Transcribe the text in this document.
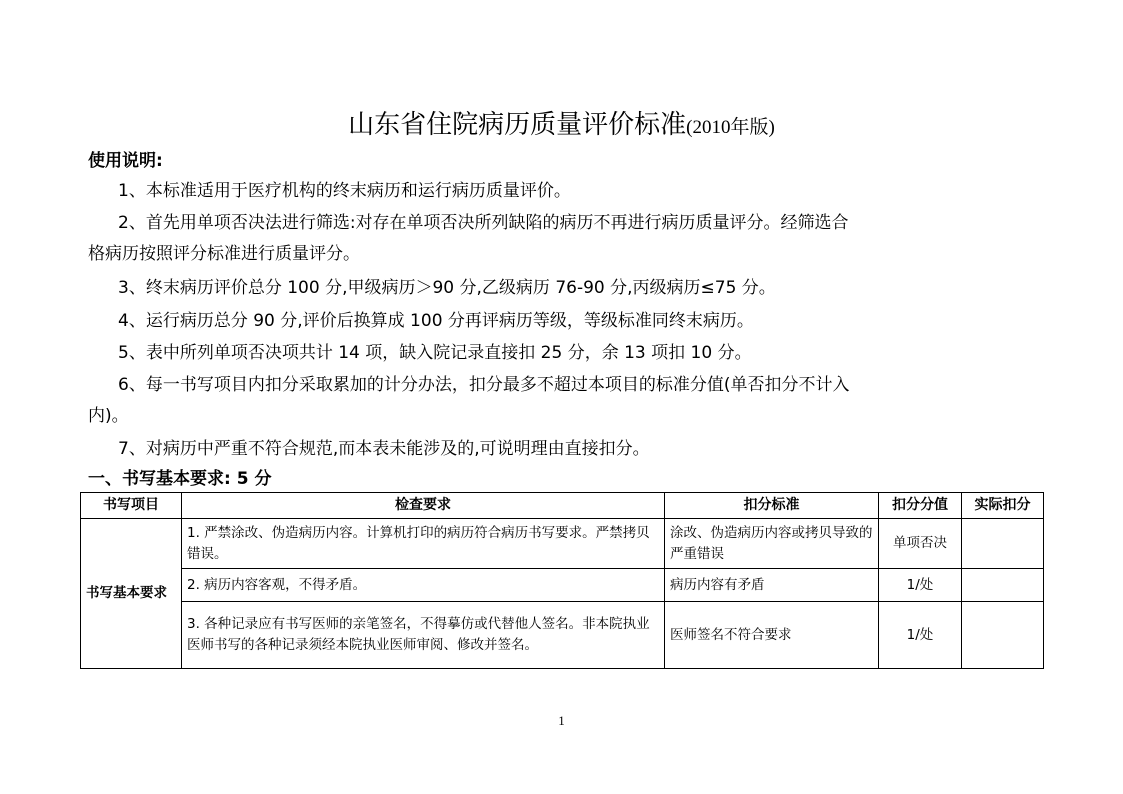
山东省住院病历质量评价标准(2010年版)
使用说明:
1、本标准适用于医疗机构的终末病历和运行病历质量评价。
2、首先用单项否决法进行筛选:对存在单项否决所列缺陷的病历不再进行病历质量评分。经筛选合
格病历按照评分标准进行质量评分。
3、终末病历评价总分 100 分,甲级病历＞90 分,乙级病历 76-90 分,丙级病历≤75 分。
4、运行病历总分 90 分,评价后换算成 100 分再评病历等级，等级标准同终末病历。
5、表中所列单项否决项共计 14 项，缺入院记录直接扣 25 分，余 13 项扣 10 分。
6、每一书写项目内扣分采取累加的计分办法，扣分最多不超过本项目的标准分值(单否扣分不计入
内)。
7、对病历中严重不符合规范,而本表未能涉及的,可说明理由直接扣分。
一、书写基本要求: 5 分
书写项目	检查要求	扣分标准	扣分分值	实际扣分
书写基本要求	1. 严禁涂改、伪造病历内容。计算机打印的病历符合病历书写要求。严禁拷贝错误。	涂改、伪造病历内容或拷贝导致的严重错误	单项否决	
	2. 病历内容客观，不得矛盾。	病历内容有矛盾	1/处	
	3. 各种记录应有书写医师的亲笔签名，不得摹仿或代替他人签名。非本院执业医师书写的各种记录须经本院执业医师审阅、修改并签名。	医师签名不符合要求	1/处	
1
